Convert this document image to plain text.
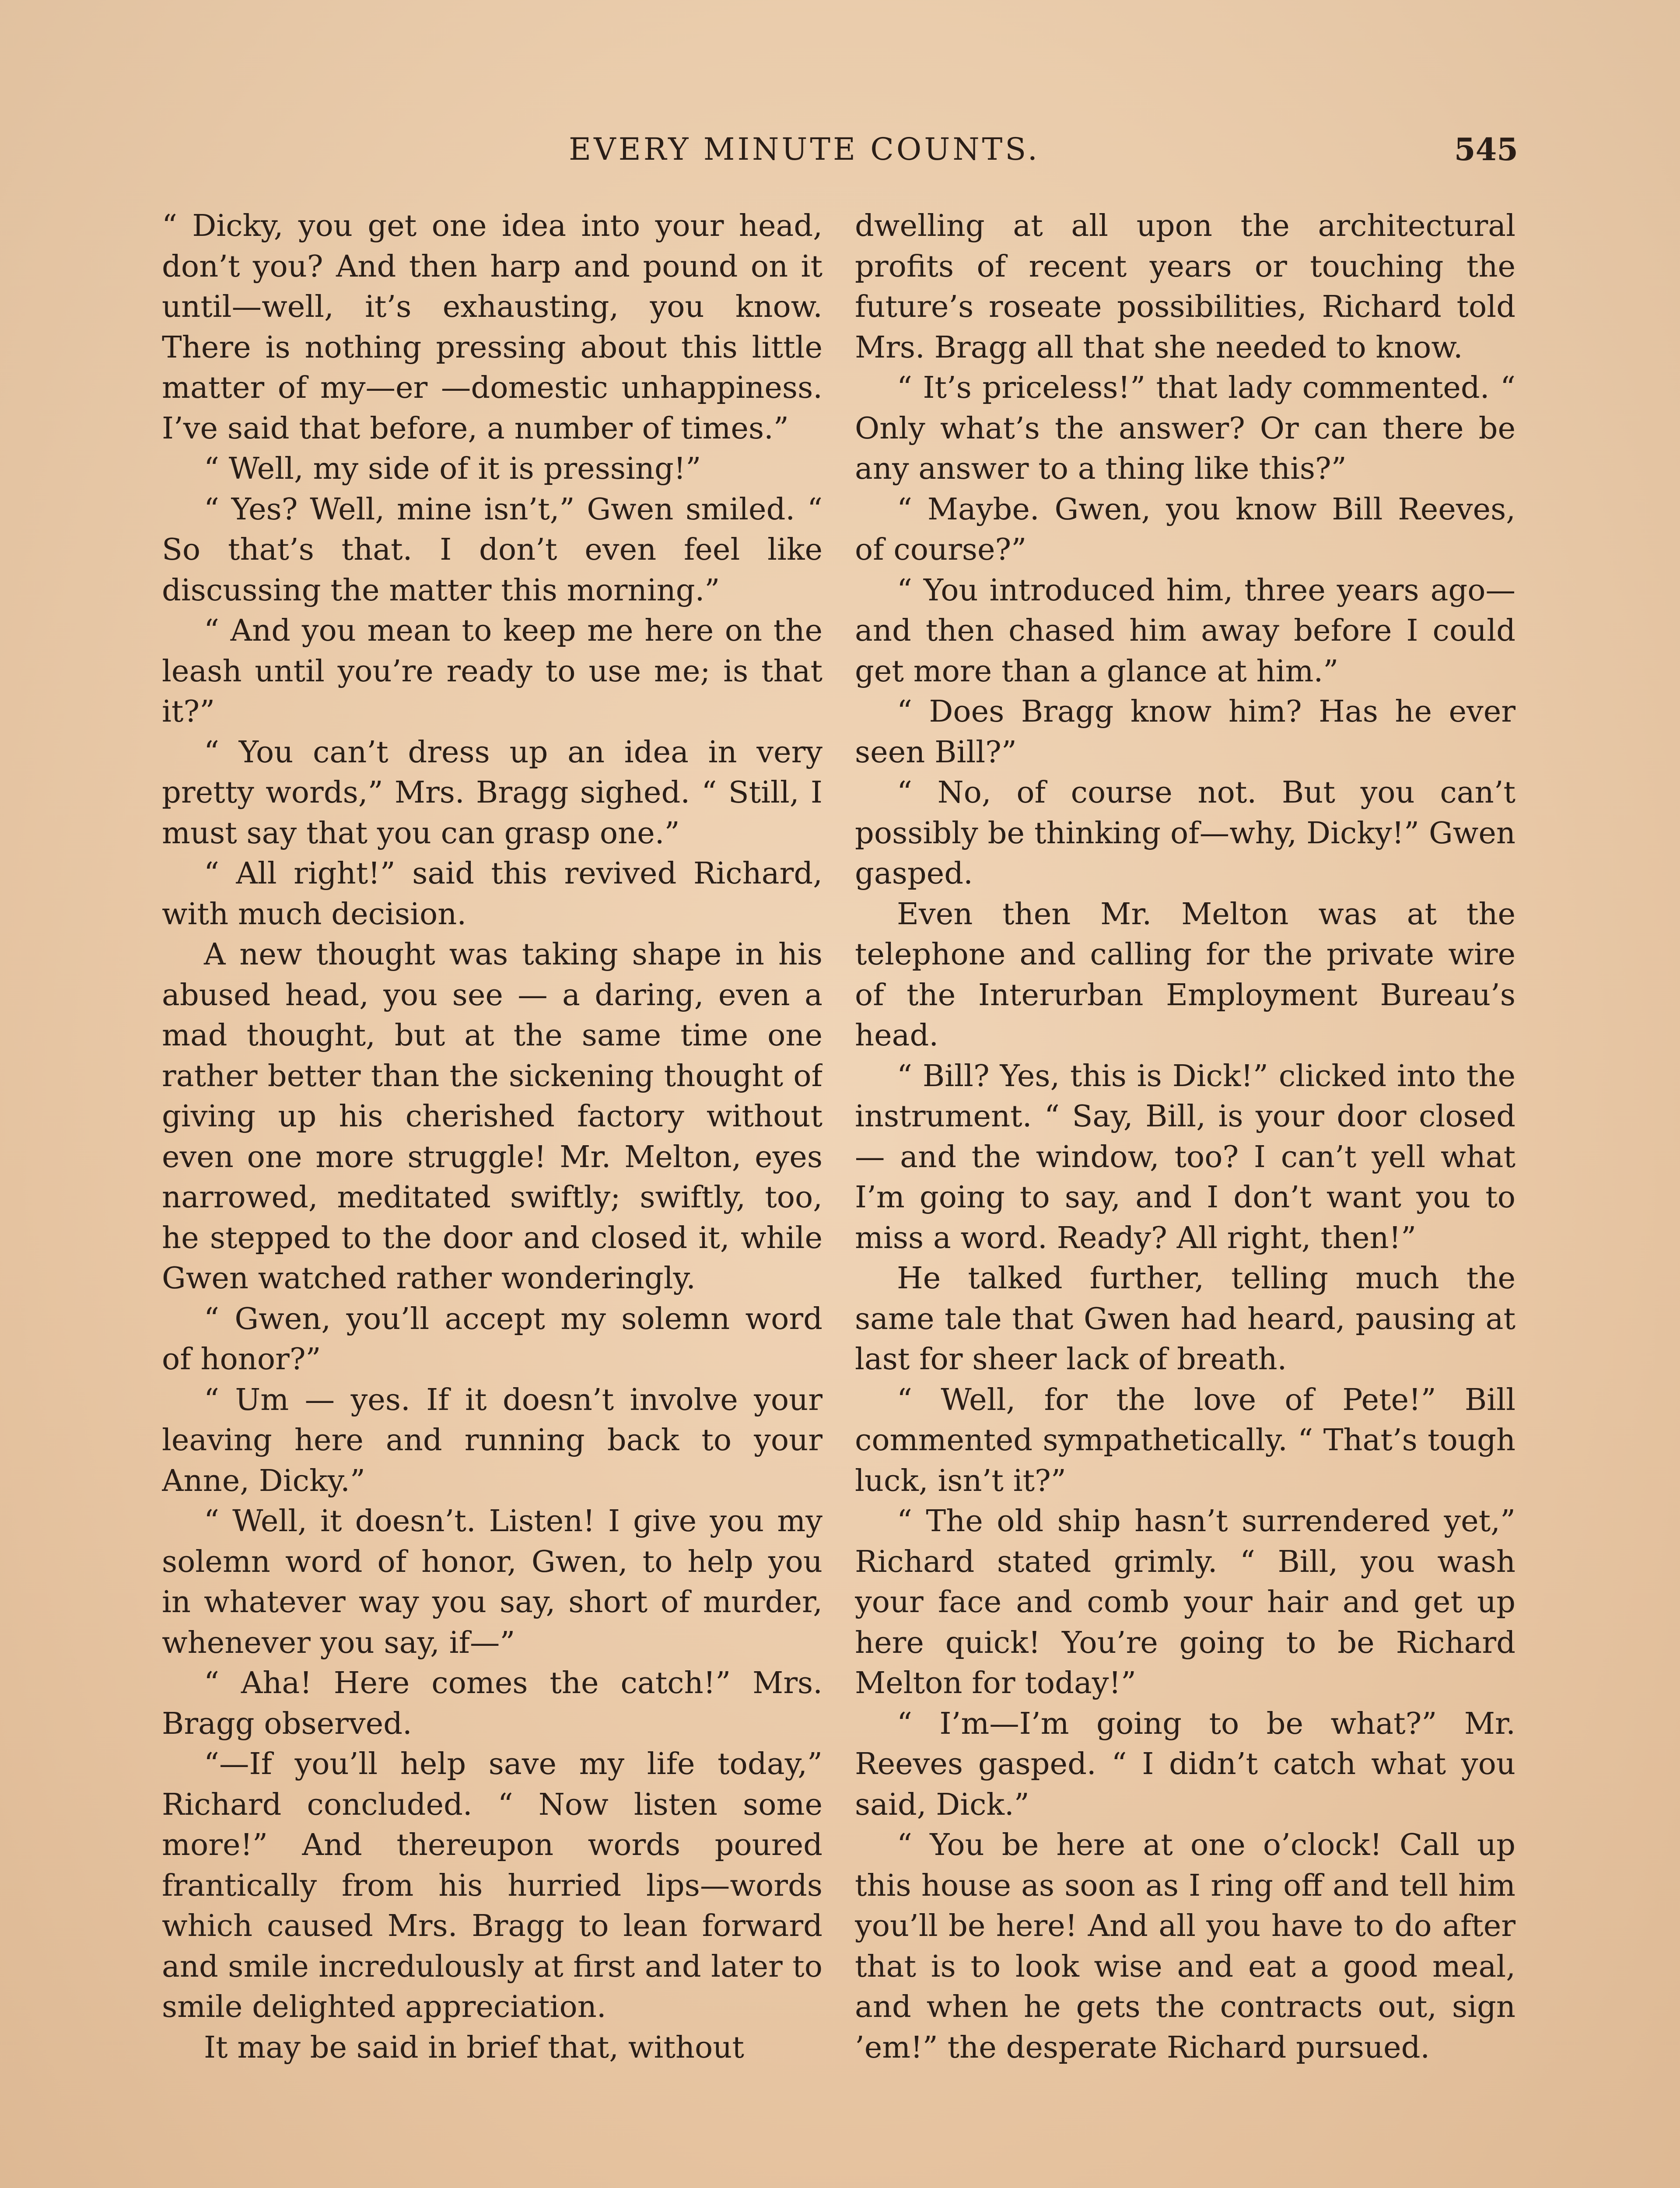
EVERY MINUTE COUNTS.	545

“ Dicky, you get one idea into your head, don’t you? And then harp and pound on it until—well, it’s exhausting, you know. There is nothing pressing about this little matter of my—er —domestic unhappiness. I’ve said that before, a number of times.”

“ Well, my side of it is pressing!”

“ Yes? Well, mine isn’t,” Gwen smiled. “ So that’s that. I don’t even feel like discussing the matter this morning.”

“ And you mean to keep me here on the leash until you’re ready to use me; is that it?”

“ You can’t dress up an idea in very pretty words,” Mrs. Bragg sighed. “ Still, I must say that you can grasp one.”

“ All right!” said this revived Richard, with much decision.

A new thought was taking shape in his abused head, you see — a daring, even a mad thought, but at the same time one rather better than the sickening thought of giving up his cherished factory without even one more struggle! Mr. Melton, eyes narrowed, meditated swiftly; swiftly, too, he stepped to the door and closed it, while Gwen watched rather wonderingly.

“ Gwen, you’ll accept my solemn word of honor?”

“ Um — yes. If it doesn’t involve your leaving here and running back to your Anne, Dicky.”

“ Well, it doesn’t. Listen! I give you my solemn word of honor, Gwen, to help you in whatever way you say, short of murder, whenever you say, if—”

“ Aha! Here comes the catch!” Mrs. Bragg observed.

“—If you’ll help save my life today,” Richard concluded. “ Now listen some more!” And thereupon words poured frantically from his hurried lips—words which caused Mrs. Bragg to lean forward and smile incredulously at first and later to smile delighted appreciation.

It may be said in brief that, without

dwelling at all upon the architectural profits of recent years or touching the future’s roseate possibilities, Richard told Mrs. Bragg all that she needed to know.

“ It’s priceless!” that lady commented. “ Only what’s the answer? Or can there be any answer to a thing like this?”

“ Maybe. Gwen, you know Bill Reeves, of course?”

“ You introduced him, three years ago—and then chased him away before I could get more than a glance at him.”

“ Does Bragg know him? Has he ever seen Bill?”

“ No, of course not. But you can’t possibly be thinking of—why, Dicky!” Gwen gasped.

Even then Mr. Melton was at the telephone and calling for the private wire of the Interurban Employment Bureau’s head.

“ Bill? Yes, this is Dick!” clicked into the instrument. “ Say, Bill, is your door closed — and the window, too? I can’t yell what I’m going to say, and I don’t want you to miss a word. Ready? All right, then!”

He talked further, telling much the same tale that Gwen had heard, pausing at last for sheer lack of breath.

“ Well, for the love of Pete!” Bill commented sympathetically. “ That’s tough luck, isn’t it?”

“ The old ship hasn’t surrendered yet,” Richard stated grimly. “ Bill, you wash your face and comb your hair and get up here quick! You’re going to be Richard Melton for today!”

“ I’m—I’m going to be what?” Mr. Reeves gasped. “ I didn’t catch what you said, Dick.”

“ You be here at one o’clock! Call up this house as soon as I ring off and tell him you’ll be here! And all you have to do after that is to look wise and eat a good meal, and when he gets the contracts out, sign ’em!” the desperate Richard pursued.
